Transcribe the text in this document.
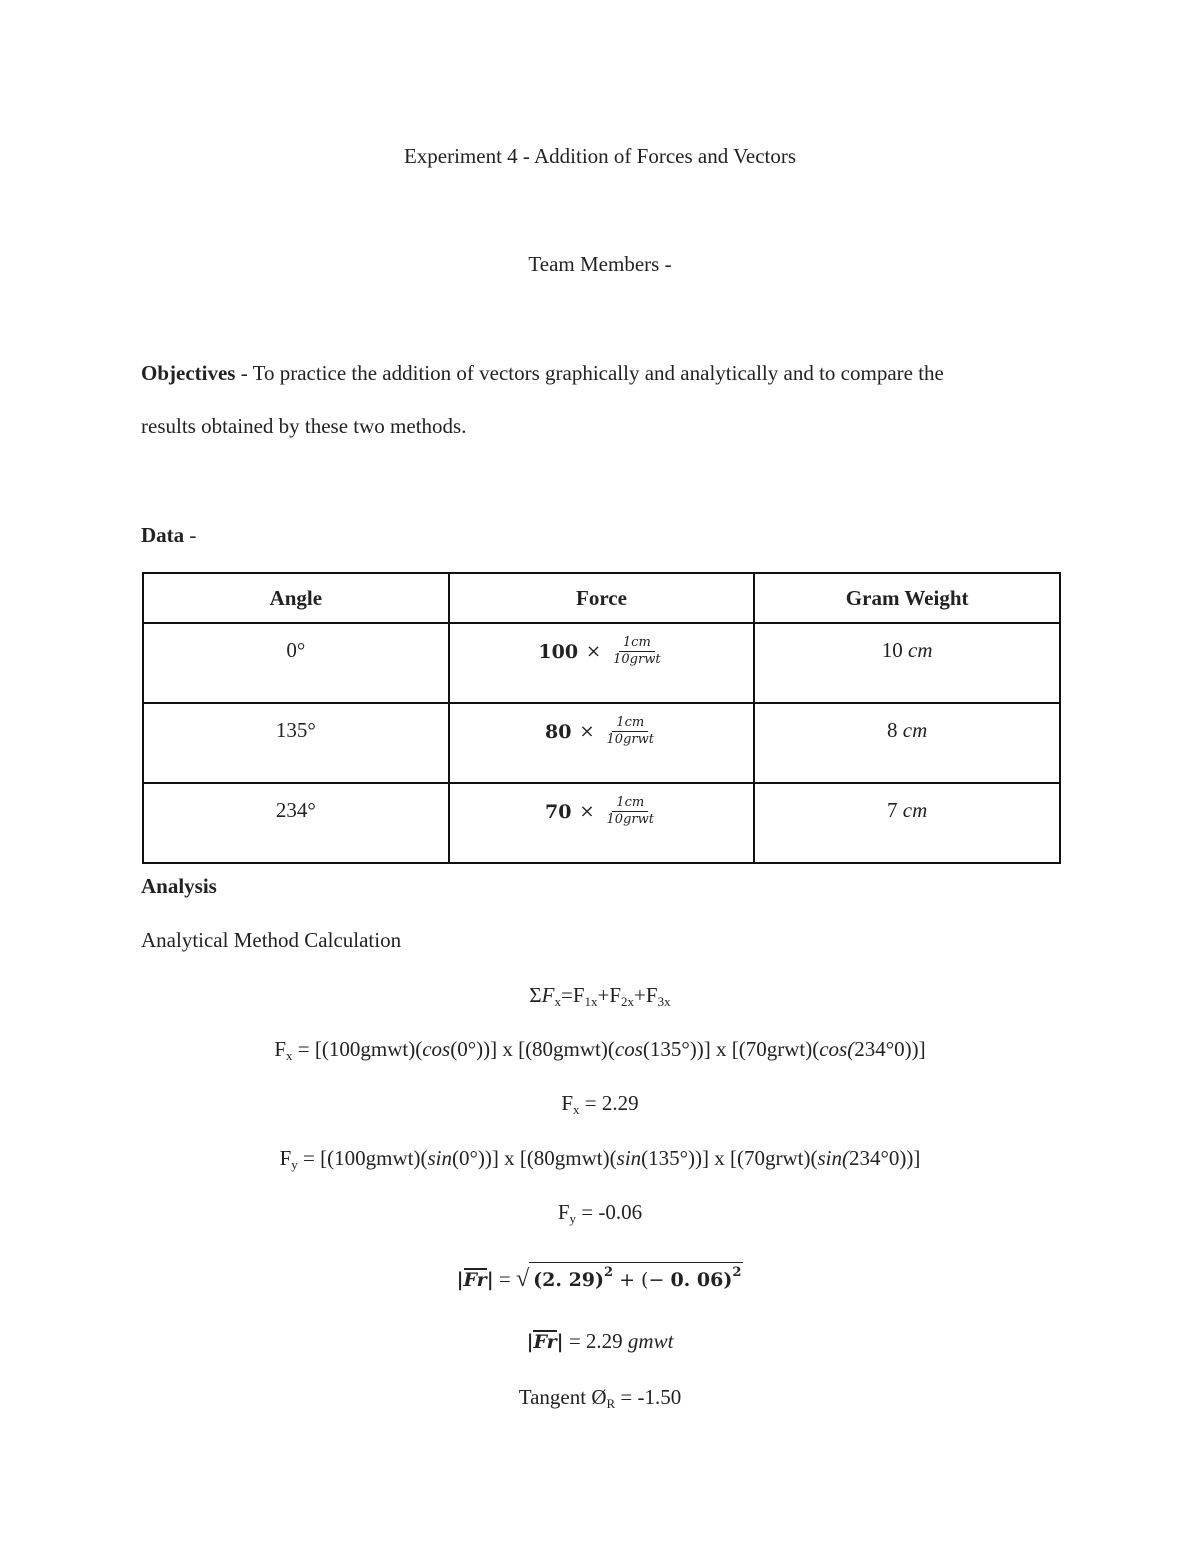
Experiment 4 - Addition of Forces and Vectors
Team Members -
Objectives - To practice the addition of vectors graphically and analytically and to compare the
results obtained by these two methods.
Data -
Angle	Force	Gram Weight
0°	$100 \times \frac{1cm}{\text{10grwt}}$	10 cm
135°	$80 \times \frac{1cm}{\text{10grwt}}$	8 cm
234°	$70 \times \frac{1cm}{\text{10grwt}}$	7 cm
Analysis
Analytical Method Calculation
$\Sigma F_x=F_{1x}+F_{2x}+F_{3x}$
$F_x$ = [(100gmwt)(cos(0°))] x [(80gmwt)(cos(135°))] x [(70grwt)(cos(234°0))]
$F_x = 2.29$
$F_y$ = [(100gmwt)(sin(0°))] x [(80gmwt)(sin(135°))] x [(70grwt)(sin(234°0))]
$F_y = -0.06$
|Fr| = √ (2. 29)$^2$ + (− 0. 06)$^2$
|Fr| = 2.29 gmwt
Tangent $Ø_R = -1.50$
